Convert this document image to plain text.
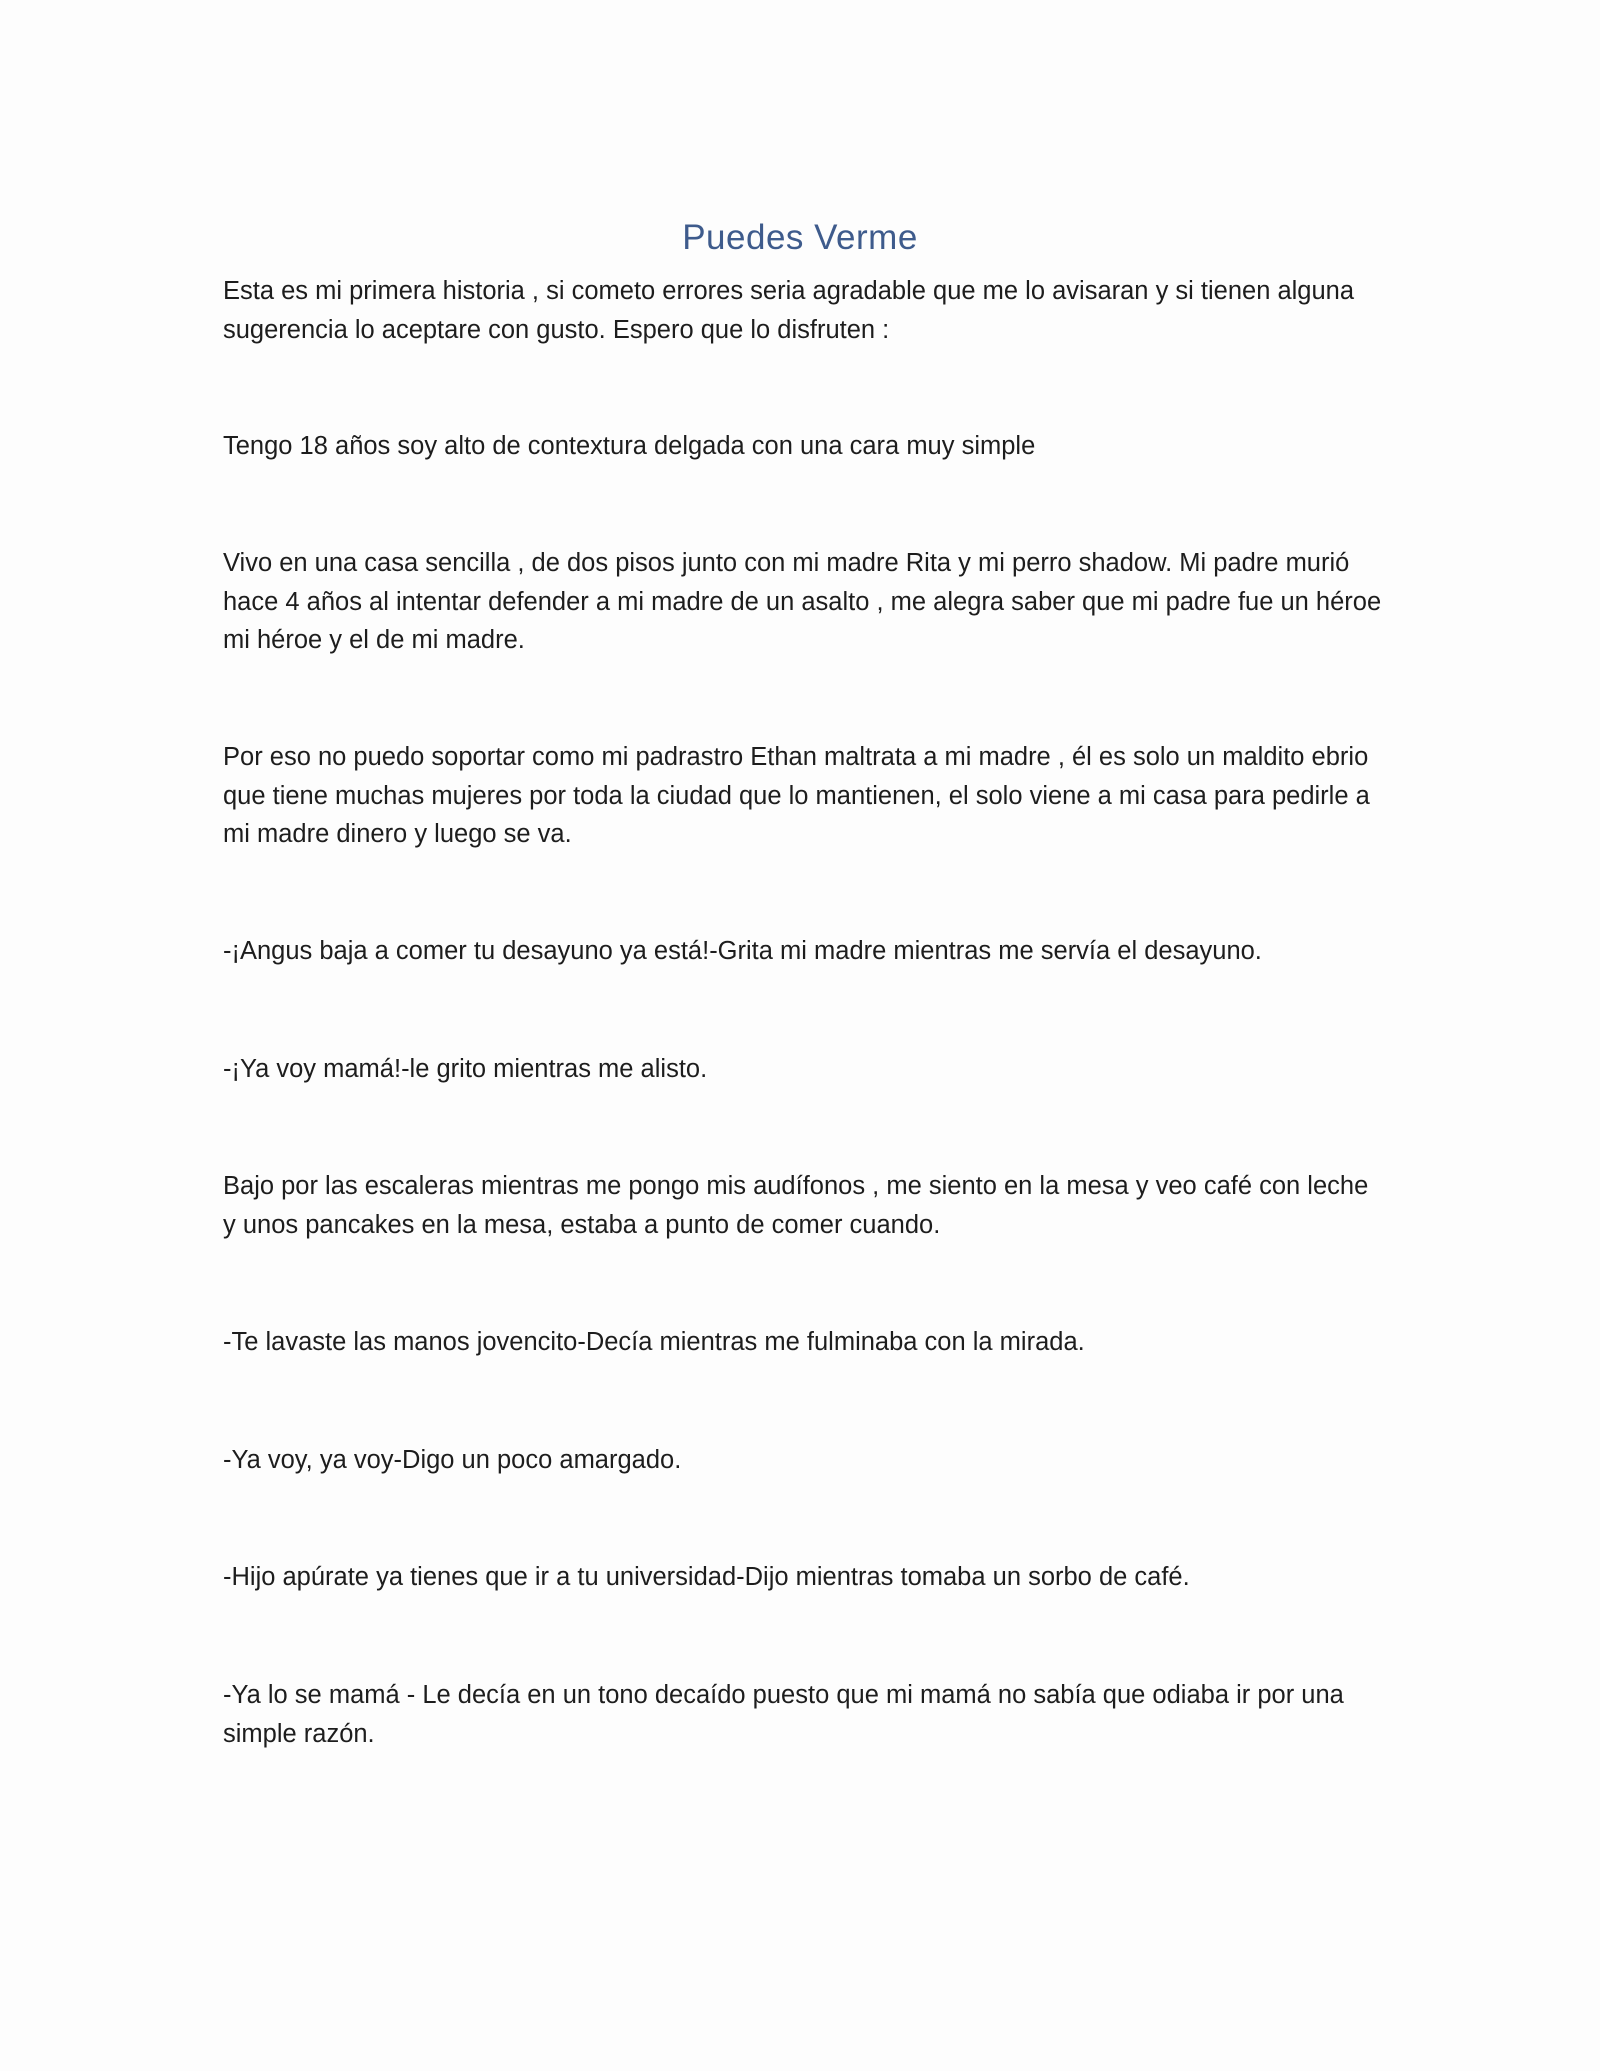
Puedes Verme

Esta es mi primera historia , si cometo errores seria agradable que me lo avisaran y si tienen alguna sugerencia lo aceptare con gusto. Espero que lo disfruten :

Tengo 18 años soy alto de contextura delgada con una cara muy simple

Vivo en una casa sencilla , de dos pisos junto con mi madre Rita y mi perro shadow. Mi padre murió hace 4 años al intentar defender a mi madre de un asalto , me alegra saber que mi padre fue un héroe mi héroe y el de mi madre.

Por eso no puedo soportar como mi padrastro Ethan maltrata a mi madre , él es solo un maldito ebrio que tiene muchas mujeres por toda la ciudad que lo mantienen, el solo viene a mi casa para pedirle a mi madre dinero y luego se va.

-¡Angus baja a comer tu desayuno ya está!-Grita mi madre mientras me servía el desayuno.

-¡Ya voy mamá!-le grito mientras me alisto.

Bajo por las escaleras mientras me pongo mis audífonos , me siento en la mesa y veo café con leche y unos pancakes en la mesa, estaba a punto de comer cuando.

-Te lavaste las manos jovencito-Decía mientras me fulminaba con la mirada.

-Ya voy, ya voy-Digo un poco amargado.

-Hijo apúrate ya tienes que ir a tu universidad-Dijo mientras tomaba un sorbo de café.

-Ya lo se mamá - Le decía en un tono decaído puesto que mi mamá no sabía que odiaba ir por una simple razón.
